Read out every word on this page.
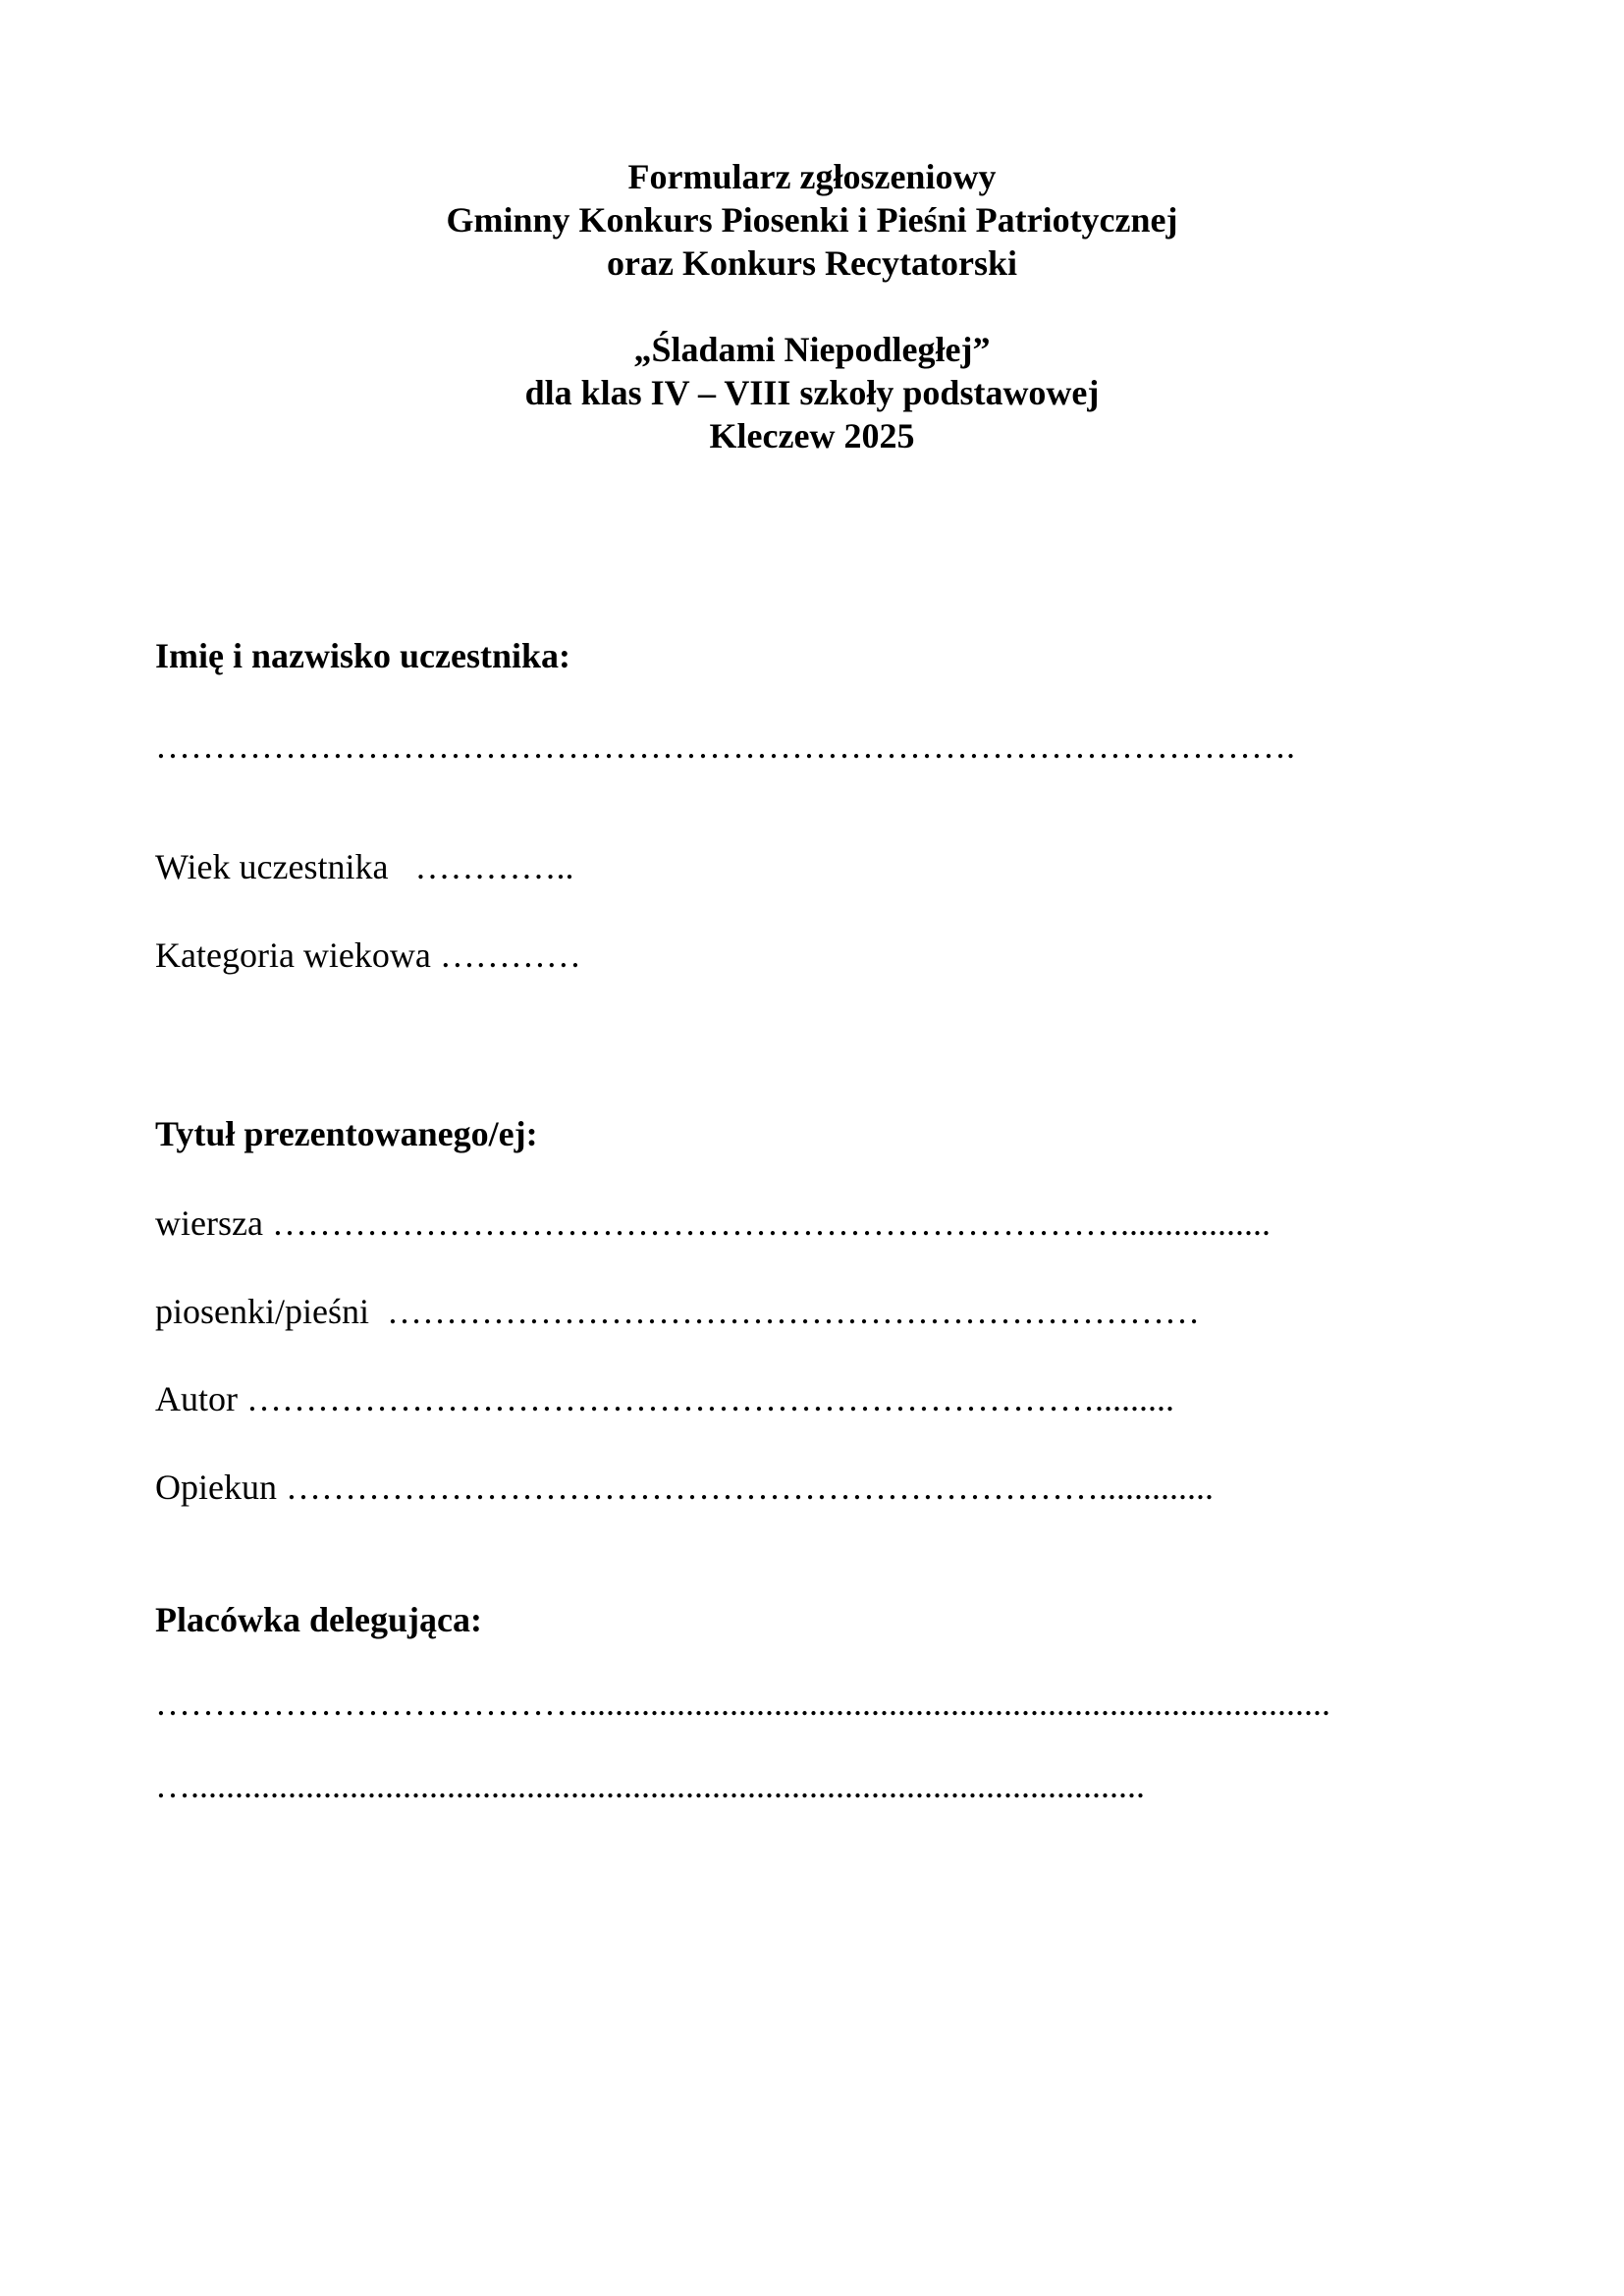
Formularz zgłoszeniowy
Gminny Konkurs Piosenki i Pieśni Patriotycznej
oraz Konkurs Recytatorski
„Śladami Niepodległej”
dla klas IV – VIII szkoły podstawowej
Kleczew 2025
Imię i nazwisko uczestnika:
…………………………………………………………………………………….
Wiek uczestnika …………..
Kategoria wiekowa …………
Tytuł prezentowanego/ej:
wiersza ……………………………………………………………….................
piosenki/pieśni ……………………………………………………………
Autor ……………………………………………………………….........
Opiekun …………………………………………………………….............
Placówka delegująca:
……………………………….....................................................................................
…............................................................................................................
